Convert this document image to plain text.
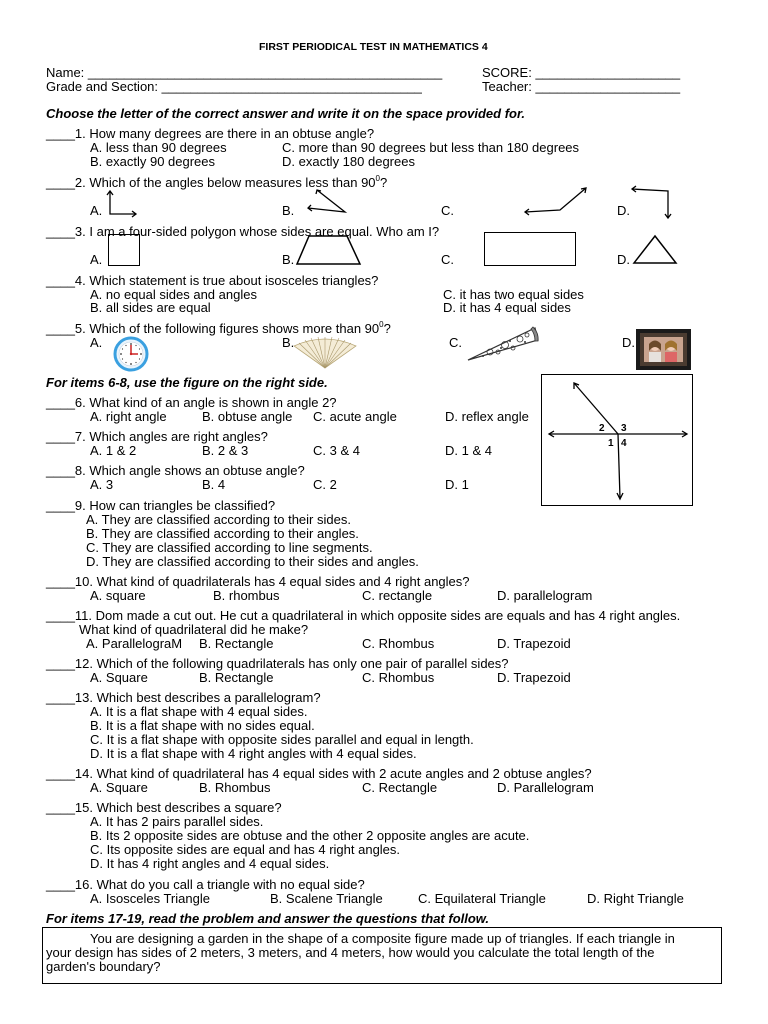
FIRST PERIODICAL TEST IN MATHEMATICS 4
Name: _________________________________________________	SCORE: ____________________
Grade and Section: ____________________________________	Teacher: ____________________
Choose the letter of the correct answer and write it on the space provided for.
____1. How many degrees are there in an obtuse angle?
A. less than 90 degrees	C. more than 90 degrees but less than 180 degrees
B. exactly 90 degrees	D. exactly 180 degrees
____2. Which of the angles below measures less than $90^0$?
A.	B.	C.	D.
____3. I am a four-sided polygon whose sides are equal. Who am I?
A.	B.	C.	D.
____4. Which statement is true about isosceles triangles?
A. no equal sides and angles	C. it has two equal sides
B. all sides are equal	D. it has 4 equal sides
____5. Which of the following figures shows more than $90^0$?
A.	B.	C.	D.
For items 6-8, use the figure on the right side.
2 3
1 4
____6. What kind of an angle is shown in angle 2?
A. right angle	B. obtuse angle C. acute angle	D. reflex angle
____7. Which angles are right angles?
A. 1 & 2	B. 2 & 3	C. 3 & 4	D. 1 & 4
____8. Which angle shows an obtuse angle?
A. 3	B. 4	C. 2	D. 1
____9. How can triangles be classified?
A. They are classified according to their sides.
B. They are classified according to their angles.
C. They are classified according to line segments.
D. They are classified according to their sides and angles.
____10. What kind of quadrilaterals has 4 equal sides and 4 right angles?
A. square	B. rhombus	C. rectangle	D. parallelogram
____11. Dom made a cut out. He cut a quadrilateral in which opposite sides are equals and has 4 right angles.
What kind of quadrilateral did he make?
A. ParallelograM B. Rectangle	C. Rhombus	D. Trapezoid
____12. Which of the following quadrilaterals has only one pair of parallel sides?
A. Square	B. Rectangle	C. Rhombus	D. Trapezoid
____13. Which best describes a parallelogram?
A. It is a flat shape with 4 equal sides.
B. It is a flat shape with no sides equal.
C. It is a flat shape with opposite sides parallel and equal in length.
D. It is a flat shape with 4 right angles with 4 equal sides.
____14. What kind of quadrilateral has 4 equal sides with 2 acute angles and 2 obtuse angles?
A. Square	B. Rhombus	C. Rectangle	D. Parallelogram
____15. Which best describes a square?
A. It has 2 pairs parallel sides.
B. Its 2 opposite sides are obtuse and the other 2 opposite angles are acute.
C. Its opposite sides are equal and has 4 right angles.
D. It has 4 right angles and 4 equal sides.
____16. What do you call a triangle with no equal side?
A. Isosceles Triangle	B. Scalene Triangle	C. Equilateral Triangle	D. Right Triangle
For items 17-19, read the problem and answer the questions that follow.
You are designing a garden in the shape of a composite figure made up of triangles. If each triangle in
your design has sides of 2 meters, 3 meters, and 4 meters, how would you calculate the total length of the
garden's boundary?
